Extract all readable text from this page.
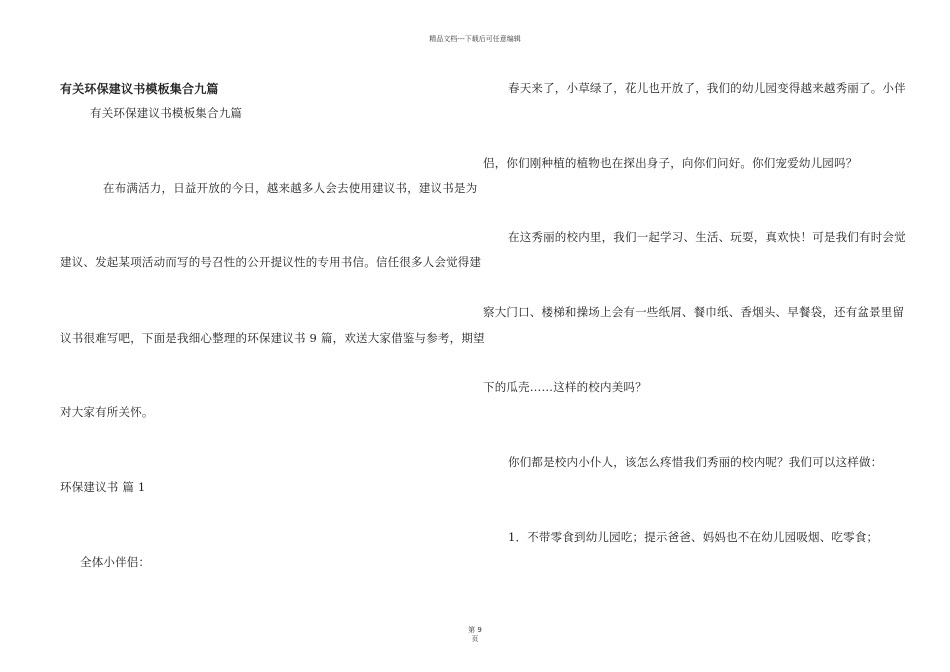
精品文档---下载后可任意编辑
有关环保建议书模板集合九篇
有关环保建议书模板集合九篇
在布满活力，日益开放的今日，越来越多人会去使用建议书，建议书是为
建议、发起某项活动而写的号召性的公开提议性的专用书信。信任很多人会觉得建
议书很难写吧，下面是我细心整理的环保建议书 9 篇，欢送大家借鉴与参考，期望
对大家有所关怀。
环保建议书 篇 1
全体小伴侣：
春天来了，小草绿了，花儿也开放了，我们的幼儿园变得越来越秀丽了。小伴
侣，你们刚种植的植物也在探出身子，向你们问好。你们宠爱幼儿园吗？
在这秀丽的校内里，我们一起学习、生活、玩耍，真欢快！可是我们有时会觉
察大门口、楼梯和操场上会有一些纸屑、餐巾纸、香烟头、早餐袋，还有盆景里留
下的瓜壳……这样的校内美吗？
你们都是校内小仆人，该怎么疼惜我们秀丽的校内呢？我们可以这样做：
1．不带零食到幼儿园吃；提示爸爸、妈妈也不在幼儿园吸烟、吃零食；
第 9
页
